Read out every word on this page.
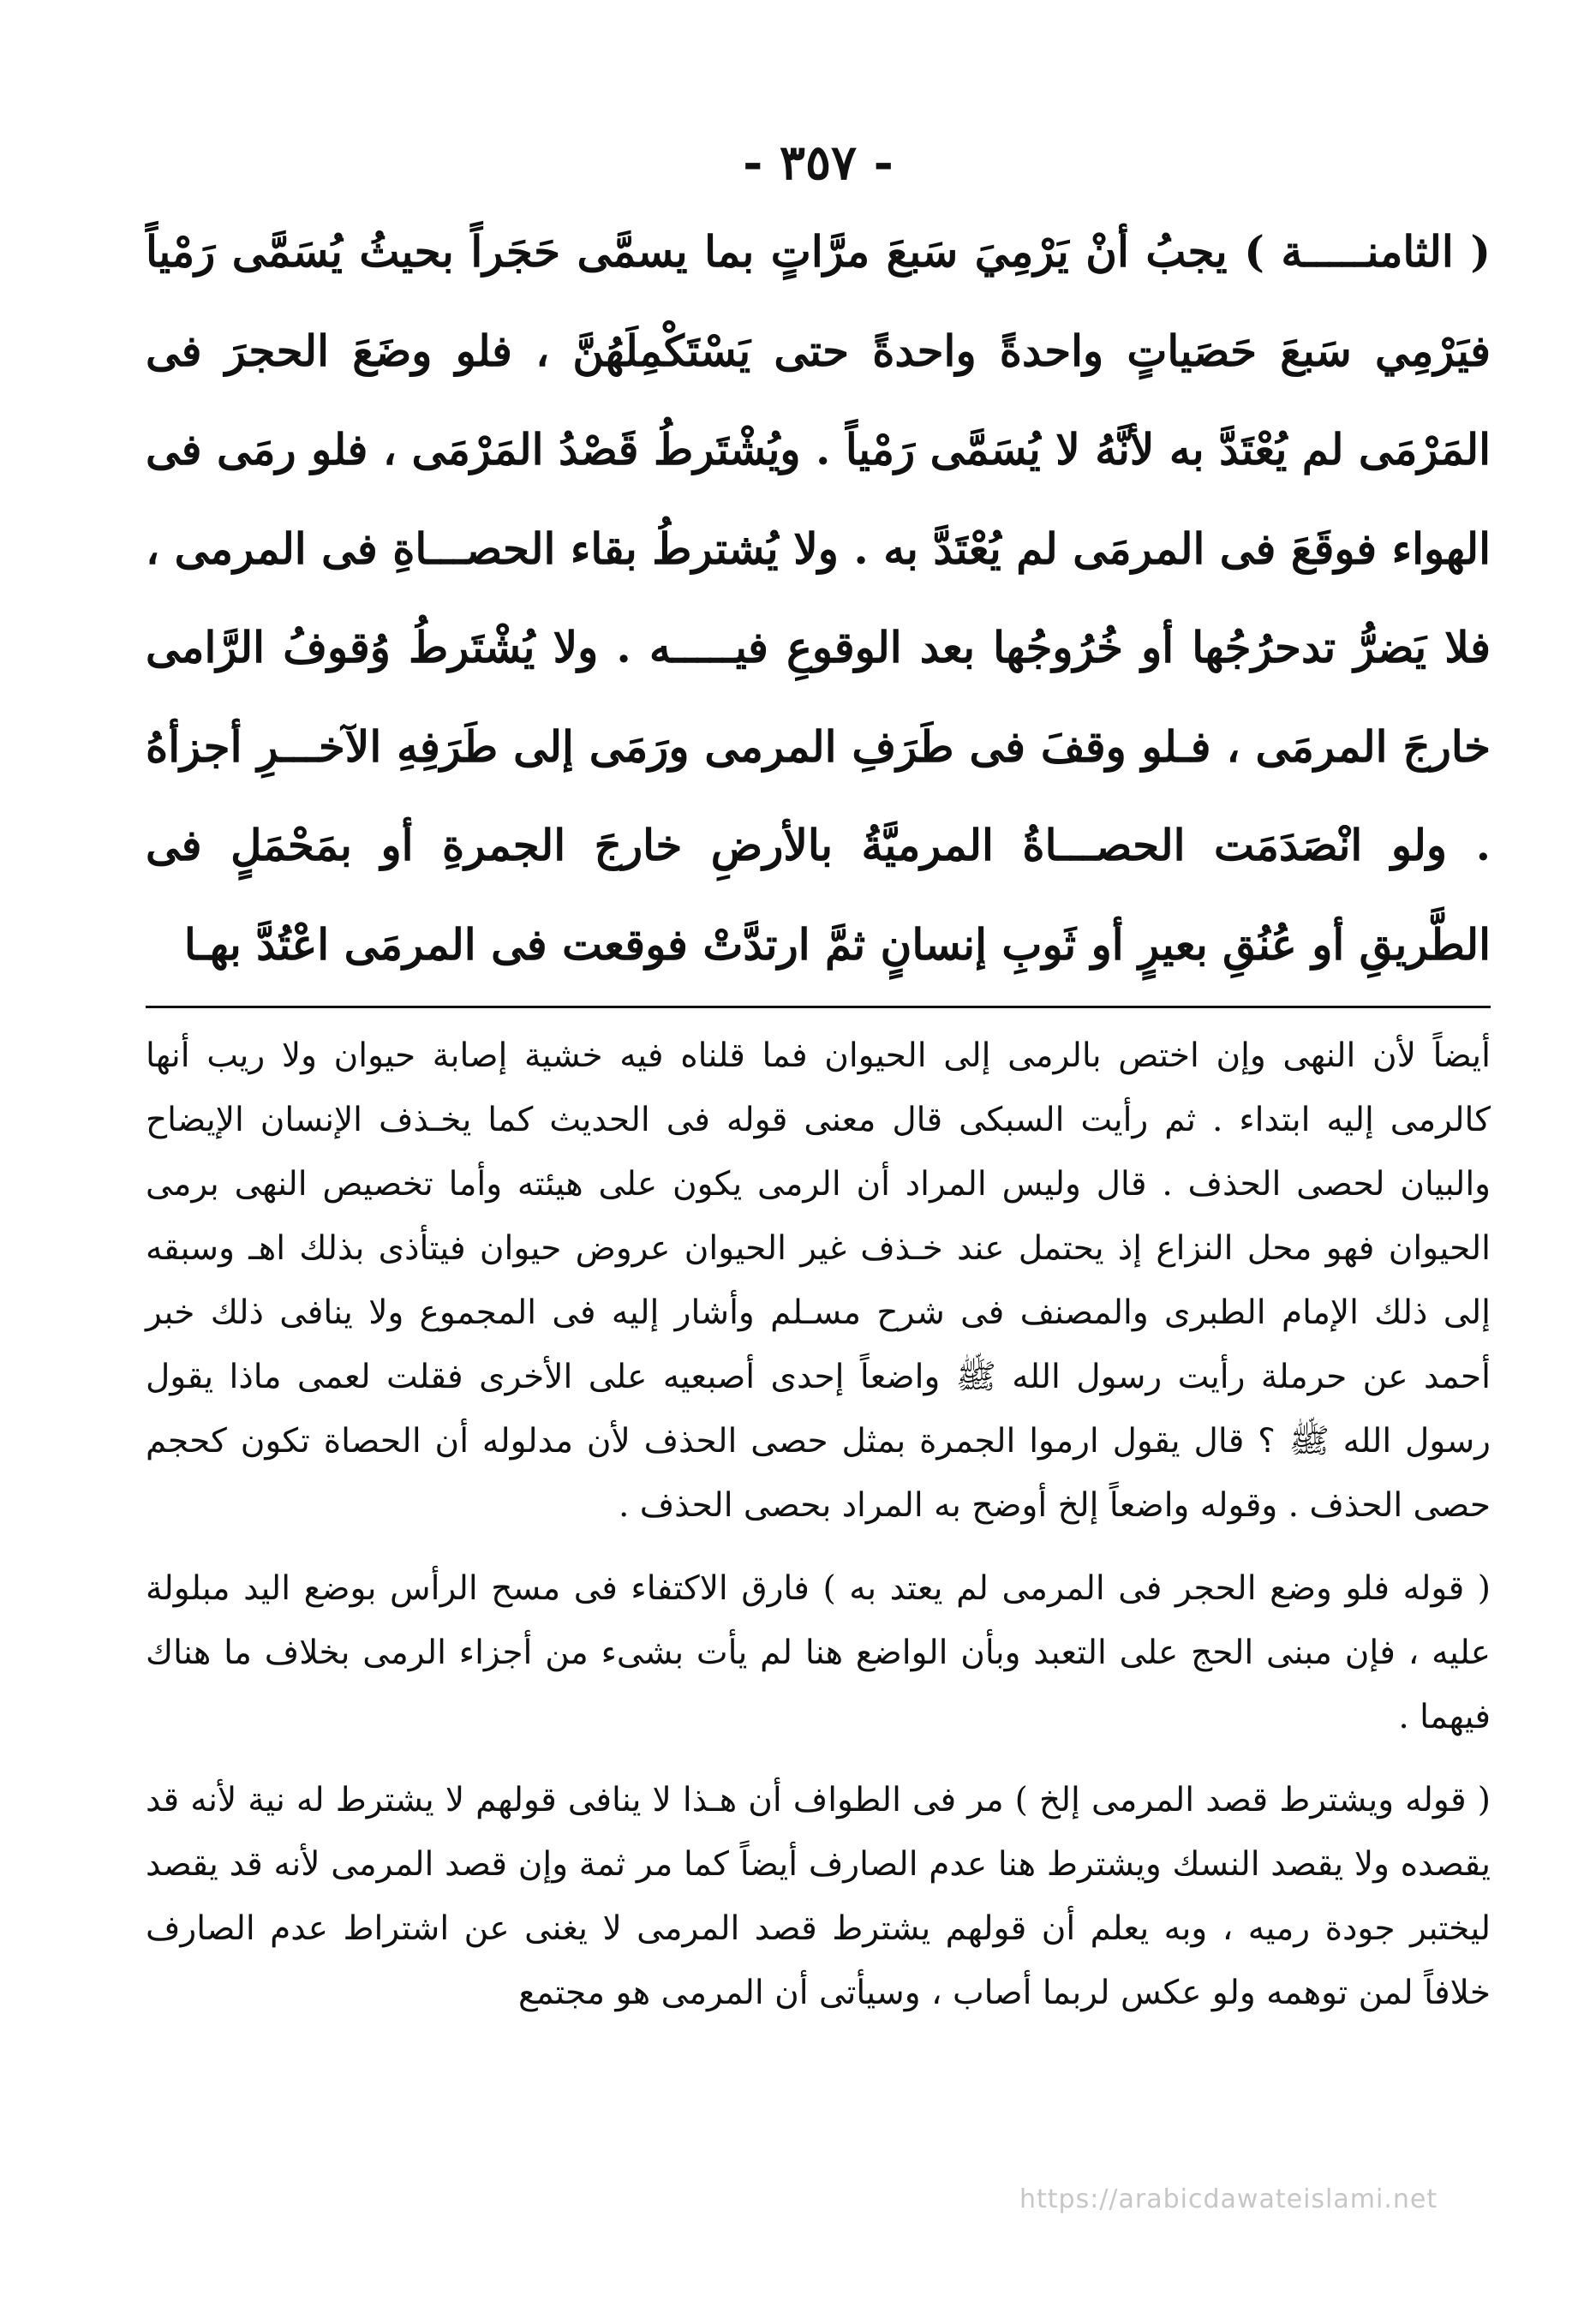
- ٣٥٧ -

( الثامنـــــة ) يجبُ أنْ يَرْمِيَ سَبعَ مرَّاتٍ بما يسمَّى حَجَراً بحيثُ يُسَمَّى رَمْياً فيَرْمِي سَبعَ حَصَياتٍ واحدةً واحدةً حتى يَسْتَكْمِلَهُنَّ ، فلو وضَعَ الحجرَ فى المَرْمَى لم يُعْتَدَّ به لأنَّهُ لا يُسَمَّى رَمْياً . ويُشْتَرطُ قَصْدُ المَرْمَى ، فلو رمَى فى الهواء فوقَعَ فى المرمَى لم يُعْتَدَّ به . ولا يُشترطُ بقاء الحصـــاةِ فى المرمى ، فلا يَضرُّ تدحرُجُها أو خُرُوجُها بعد الوقوعِ فيـــــه . ولا يُشْتَرطُ وُقوفُ الرَّامى خارجَ المرمَى ، فـلو وقفَ فى طَرَفِ المرمى ورَمَى إلى طَرَفِهِ الآخـــرِ أجزأهُ . ولو انْصَدَمَت الحصـــاةُ المرميَّةُ بالأرضِ خارجَ الجمرةِ أو بمَحْمَلٍ فى الطَّريقِ أو عُنُقِ بعيرٍ أو ثَوبِ إنسانٍ ثمَّ ارتدَّتْ فوقعت فى المرمَى اعْتُدَّ بهـا

أيضاً لأن النهى وإن اختص بالرمى إلى الحيوان فما قلناه فيه خشية إصابة حيوان ولا ريب أنها كالرمى إليه ابتداء . ثم رأيت السبكى قال معنى قوله فى الحديث كما يخـذف الإنسان الإيضاح والبيان لحصى الحذف . قال وليس المراد أن الرمى يكون على هيئته وأما تخصيص النهى برمى الحيوان فهو محل النزاع إذ يحتمل عند خـذف غير الحيوان عروض حيوان فيتأذى بذلك اهـ وسبقه إلى ذلك الإمام الطبرى والمصنف فى شرح مسـلم وأشار إليه فى المجموع ولا ينافى ذلك خبر أحمد عن حرملة رأيت رسول الله ﷺ واضعاً إحدى أصبعيه على الأخرى فقلت لعمى ماذا يقول رسول الله ﷺ ؟ قال يقول ارموا الجمرة بمثل حصى الحذف لأن مدلوله أن الحصاة تكون كحجم حصى الحذف . وقوله واضعاً إلخ أوضح به المراد بحصى الحذف .

( قوله فلو وضع الحجر فى المرمى لم يعتد به ) فارق الاكتفاء فى مسح الرأس بوضع اليد مبلولة عليه ، فإن مبنى الحج على التعبد وبأن الواضع هنا لم يأت بشىء من أجزاء الرمى بخلاف ما هناك فيهما .

( قوله ويشترط قصد المرمى إلخ ) مر فى الطواف أن هـذا لا ينافى قولهم لا يشترط له نية لأنه قد يقصده ولا يقصد النسك ويشترط هنا عدم الصارف أيضاً كما مر ثمة وإن قصد المرمى لأنه قد يقصد ليختبر جودة رميه ، وبه يعلم أن قولهم يشترط قصد المرمى لا يغنى عن اشتراط عدم الصارف خلافاً لمن توهمه ولو عكس لربما أصاب ، وسيأتى أن المرمى هو مجتمع

https://arabicdawateislami.net
